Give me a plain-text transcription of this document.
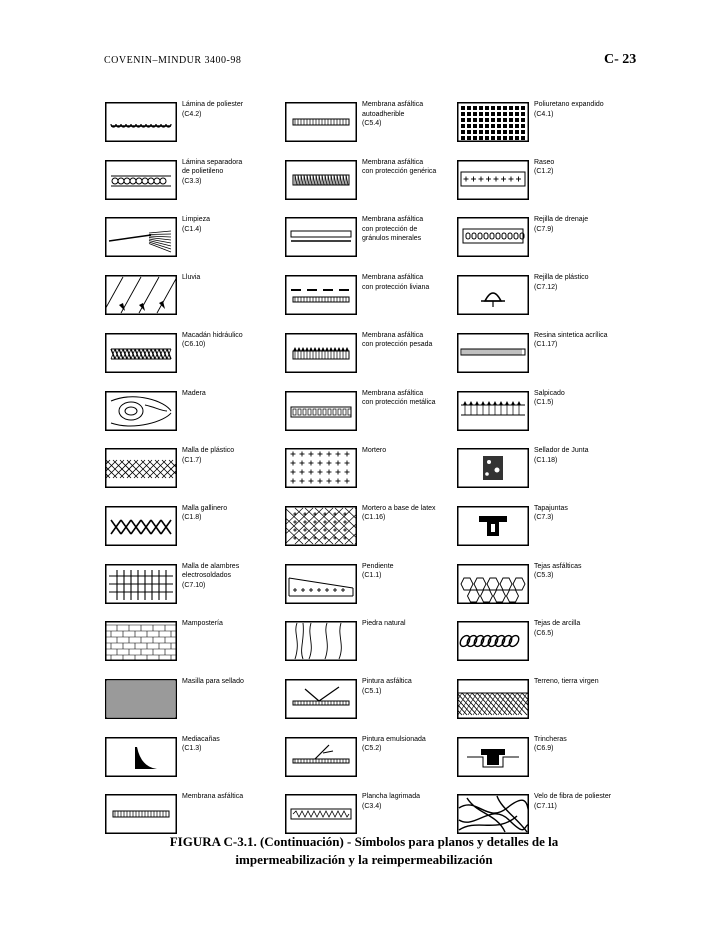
COVENIN–MINDUR 3400-98	C- 23
Lámina de poliester
(C4.2)
Lámina separadora
de polietileno
(C3.3)
Limpieza
(C1.4)
Lluvia
Macadán hidráulico
(C6.10)
Madera
Malla de plástico
(C1.7)
Malla gallinero
(C1.8)
Malla de alambres
electrosoldados
(C7.10)
Mampostería
Masilla para sellado
Mediacañas
(C1.3)
Membrana asfáltica
Membrana asfáltica
autoadherible
(C5.4)
Membrana asfáltica
con protección genérica
Membrana asfáltica
con protección de
gránulos minerales
Membrana asfáltica
con protección liviana
Membrana asfáltica
con protección pesada
Membrana asfáltica
con protección metálica
Mortero
Mortero a base de latex
(C1.16)
Pendiente
(C1.1)
Piedra natural
Pintura asfáltica
(C5.1)
Pintura emulsionada
(C5.2)
Plancha lagrimada
(C3.4)
Poliuretano expandido
(C4.1)
Raseo
(C1.2)
Rejilla de drenaje
(C7.9)
Rejilla de plástico
(C7.12)
Resina sintetica acrílica
(C1.17)
Salpicado
(C1.5)
Sellador de Junta
(C1.18)
Tapajuntas
(C7.3)
Tejas asfálticas
(C5.3)
Tejas de arcilla
(C6.5)
Terreno, tierra virgen
Trincheras
(C6.9)
Velo de fibra de poliester
(C7.11)
FIGURA C-3.1. (Continuación) - Símbolos para planos y detalles de la
impermeabilización y la reimpermeabilización
